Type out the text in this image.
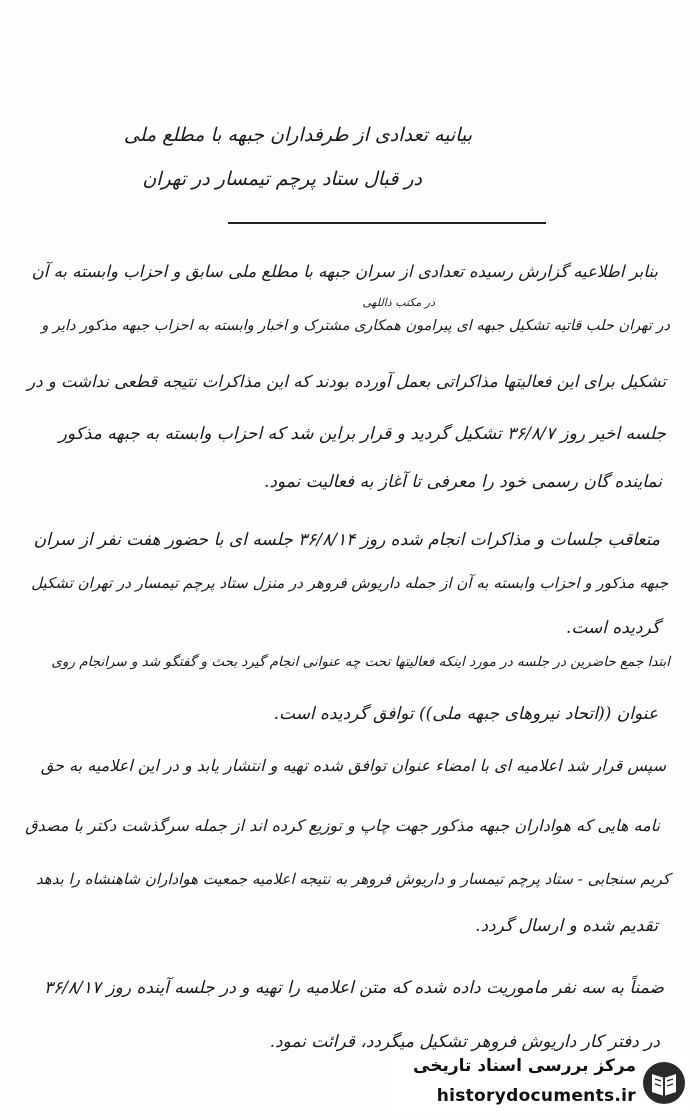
بیانیه تعدادی از طرفداران جبهه با مطلع ملی
در قبال ستاد پرچم تیمسار در تهران
در مکتب ذاللهی
بنابر اطلاعیه گزارش رسیده تعدادی از سران جبهه با مطلع ملی سابق و احزاب وابسته به آن
در تهران حلب قاتیه تشکیل جبهه ای پیرامون همکاری مشترک و اخبار وابسته به احزاب جبهه مذکور دایر و
تشکیل برای این فعالیتها مذاکراتی بعمل آورده بودند که این مذاکرات نتیجه قطعی نداشت و در
جلسه اخیر روز ۳۶/۸/۷ تشکیل گردید و قرار براین شد که احزاب وابسته به جبهه مذکور
نماینده گان رسمی خود را معرفی تا آغاز به فعالیت نمود.
متعاقب جلسات و مذاکرات انجام شده روز ۳۶/۸/۱۴ جلسه ای با حضور هفت نفر از سران
جبهه مذکور و احزاب وابسته به آن از جمله داریوش فروهر در منزل ستاد پرچم تیمسار در تهران تشکیل
گردیده است.
ابتدا جمع حاضرین در جلسه در مورد اینکه فعالیتها تحت چه عنوانی انجام گیرد بحث و گفتگو شد و سرانجام روی
عنوان ((اتحاد نیروهای جبهه ملی)) توافق گردیده است.
سپس قرار شد اعلامیه ای با امضاء عنوان توافق شده تهیه و انتشار یابد و در این اعلامیه به حق
نامه هایی که هواداران جبهه مذکور جهت چاپ و توزیع کرده اند از جمله سرگذشت دکتر با مصدق
کریم سنجابی - ستاد پرچم تیمسار و داریوش فروهر به نتیجه اعلامیه جمعیت هواداران شاهنشاه را بدهد
تقدیم شده و ارسال گردد.
ضمناً به سه نفر ماموریت داده شده که متن اعلامیه را تهیه و در جلسه آینده روز ۳۶/۸/۱۷
در دفتر کار داریوش فروهر تشکیل میگردد، قرائت نمود.
مرکز بررسی اسناد تاریخی
historydocuments.ir
